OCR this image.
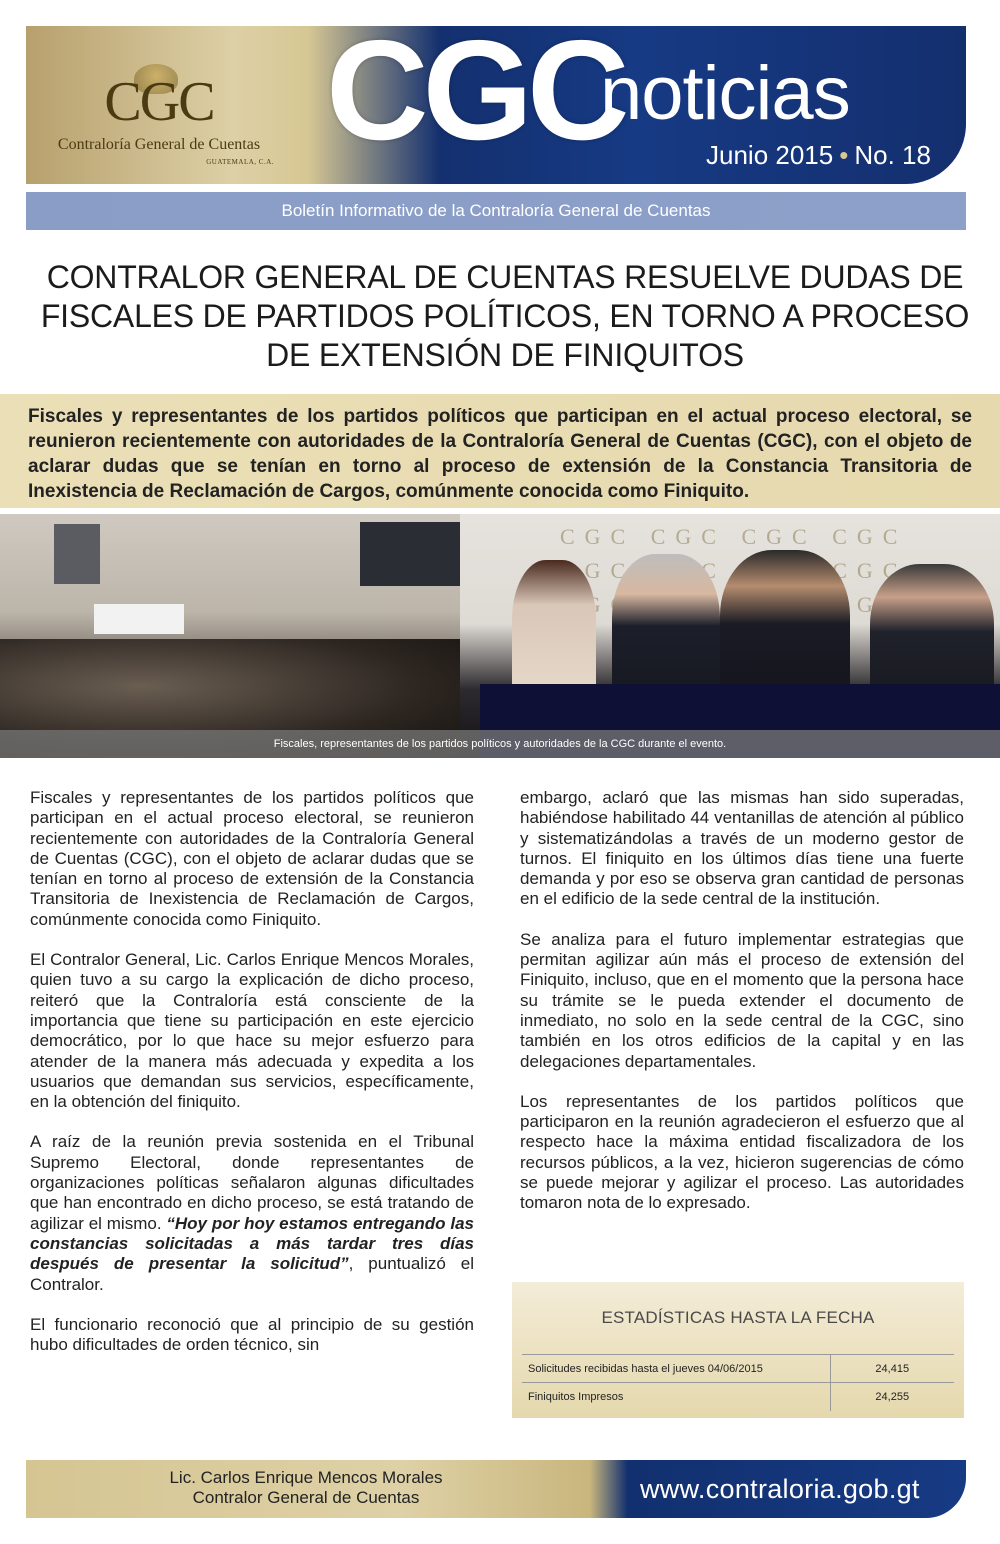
CGC
Contraloría General de Cuentas
GUATEMALA, C.A. CGC
noticias
Junio 2015 • No. 18
Boletín Informativo de la Contraloría General de Cuentas
CONTRALOR GENERAL DE CUENTAS RESUELVE DUDAS DE FISCALES DE PARTIDOS POLÍTICOS, EN TORNO A PROCESO DE EXTENSIÓN DE FINIQUITOS
Fiscales y representantes de los partidos políticos que participan en el actual proceso electoral, se reunieron recientemente con autoridades de la Contraloría General de Cuentas (CGC), con el objeto de aclarar dudas que se tenían en torno al proceso de extensión de la Constancia Transitoria de Inexistencia de Reclamación de Cargos, comúnmente conocida como Finiquito.
CGC CGC CGC CGC
CGC CGC
CGC CGC
Fiscales, representantes de los partidos políticos y autoridades de la CGC durante el evento.

Fiscales y representantes de los partidos políticos que participan en el actual proceso electoral, se reunieron recientemente con autoridades de la Contraloría General de Cuentas (CGC), con el objeto de aclarar dudas que se tenían en torno al proceso de extensión de la Constancia Transitoria de Inexistencia de Reclamación de Cargos, comúnmente conocida como Finiquito.

El Contralor General, Lic. Carlos Enrique Mencos Morales, quien tuvo a su cargo la explicación de dicho proceso, reiteró que la Contraloría está consciente de la importancia que tiene su participación en este ejercicio democrático, por lo que hace su mejor esfuerzo para atender de la manera más adecuada y expedita a los usuarios que demandan sus servicios, específicamente, en la obtención del finiquito.

A raíz de la reunión previa sostenida en el Tribunal Supremo Electoral, donde representantes de organizaciones políticas señalaron algunas dificultades que han encontrado en dicho proceso, se está tratando de agilizar el mismo. “Hoy por hoy estamos entregando las constancias solicitadas a más tardar tres días después de presentar la solicitud”, puntualizó el Contralor.

El funcionario reconoció que al principio de su gestión hubo dificultades de orden técnico, sin

embargo, aclaró que las mismas han sido superadas, habiéndose habilitado 44 ventanillas de atención al público y sistematizándolas a través de un moderno gestor de turnos. El finiquito en los últimos días tiene una fuerte demanda y por eso se observa gran cantidad de personas en el edificio de la sede central de la institución.

Se analiza para el futuro implementar estrategias que permitan agilizar aún más el proceso de extensión del Finiquito, incluso, que en el momento que la persona hace su trámite se le pueda extender el documento de inmediato, no solo en la sede central de la CGC, sino también en los otros edificios de la capital y en las delegaciones departamentales.

Los representantes de los partidos políticos que participaron en la reunión agradecieron el esfuerzo que al respecto hace la máxima entidad fiscalizadora de los recursos públicos, a la vez, hicieron sugerencias de cómo se puede mejorar y agilizar el proceso. Las autoridades tomaron nota de lo expresado.

ESTADÍSTICAS HASTA LA FECHA
Solicitudes recibidas hasta el jueves 04/06/2015	24,415
Finiquitos Impresos	24,255
Lic. Carlos Enrique Mencos Morales
Contralor General de Cuentas	www.contraloria.gob.gt
